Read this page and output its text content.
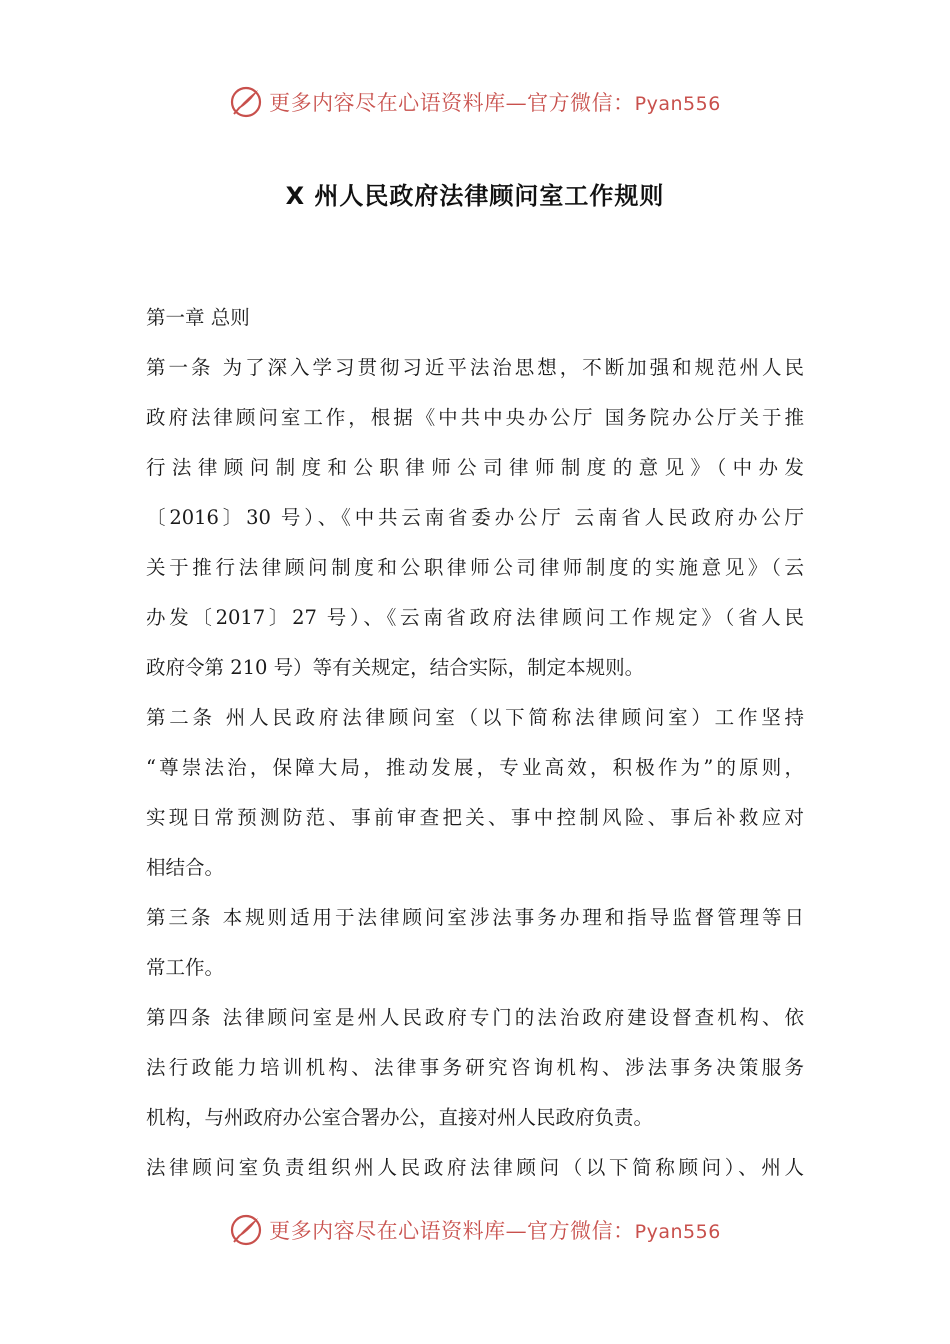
更多内容尽在心语资料库—官方微信：Pyan556
X 州人民政府法律顾问室工作规则
第一章 总则
第一条 为了深入学习贯彻习近平法治思想，不断加强和规范州人民
政府法律顾问室工作，根据《中共中央办公厅 国务院办公厅关于推
行法律顾问制度和公职律师公司律师制度的意见》（中办发
〔2016〕30 号）、《中共云南省委办公厅 云南省人民政府办公厅
关于推行法律顾问制度和公职律师公司律师制度的实施意见》（云
办发〔2017〕27 号）、《云南省政府法律顾问工作规定》（省人民
政府令第 210 号）等有关规定，结合实际，制定本规则。
第二条 州人民政府法律顾问室（以下简称法律顾问室）工作坚持
“尊崇法治，保障大局，推动发展，专业高效，积极作为”的原则，
实现日常预测防范、事前审查把关、事中控制风险、事后补救应对
相结合。
第三条 本规则适用于法律顾问室涉法事务办理和指导监督管理等日
常工作。
第四条 法律顾问室是州人民政府专门的法治政府建设督查机构、依
法行政能力培训机构、法律事务研究咨询机构、涉法事务决策服务
机构，与州政府办公室合署办公，直接对州人民政府负责。
法律顾问室负责组织州人民政府法律顾问（以下简称顾问）、州人
更多内容尽在心语资料库—官方微信：Pyan556
